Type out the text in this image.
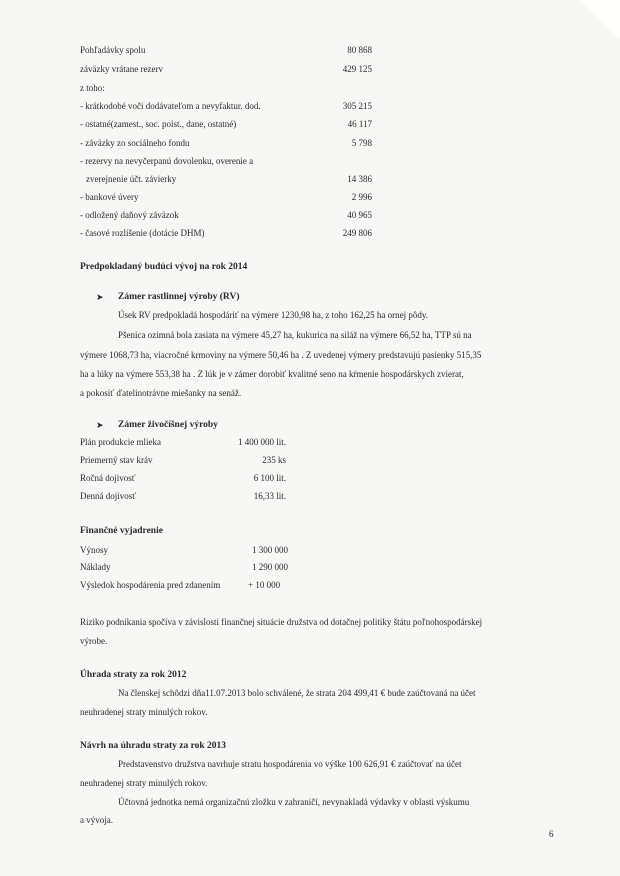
Pohľadávky spolu	80 868
záväzky vrátane rezerv	429 125
z toho:
- krátkodobé voči dodávateľom a nevyfaktur. dod.	305 215
- ostatné(zamest., soc. poist., dane, ostatné)	46 117
- záväzky zo sociálneho fondu	5 798
- rezervy na nevyčerpanú dovolenku, overenie a
zverejnenie účt. závierky	14 386
- bankové úvery	2 996
- odložený daňový záväzok	40 965
- časové rozlíšenie (dotácie DHM)	249 806
Predpokladaný budúci vývoj na rok 2014
➤ Zámer rastlinnej výroby (RV)
Úsek RV predpokladá hospodáriť na výmere 1230,98 ha, z toho 162,25 ha ornej pôdy.
Pšenica ozimná bola zasiata na výmere 45,27 ha, kukurica na siláž na výmere 66,52 ha, TTP sú na
výmere 1068,73 ha, viacročné krmoviny na výmere 50,46 ha . Z uvedenej výmery predstavujú pasienky 515,35
ha a lúky na výmere 553,38 ha . Z lúk je v zámer dorobiť kvalitné seno na kŕmenie hospodárskych zvierat,
a pokosiť ďatelinotrávne miešanky na senáž.
➤ Zámer živočíšnej výroby
Plán produkcie mlieka	1 400 000 lit.
Priemerný stav kráv	235 ks
Ročná dojivosť	6 100 lit.
Denná dojivosť	16,33 lit.
Finančné vyjadrenie
Výnosy	1 300 000
Náklady	1 290 000
Výsledok hospodárenia pred zdanením	+ 10 000
Riziko podnikania spočíva v závislosti finančnej situácie družstva od dotačnej politiky štátu poľnohospodárskej
výrobe.
Úhrada straty za rok 2012
Na členskej schôdzi dňa11.07.2013 bolo schválené, že strata 204 499,41 € bude zaúčtovaná na účet
neuhradenej straty minulých rokov.
Návrh na úhradu straty za rok 2013
Predstavenstvo družstva navrhuje stratu hospodárenia vo výške 100 626,91 € zaúčtovať na účet
neuhradenej straty minulých rokov.
Účtovná jednotka nemá organizačnú zložku v zahraničí, nevynakladá výdavky v oblasti výskumu
a vývoja.
6
